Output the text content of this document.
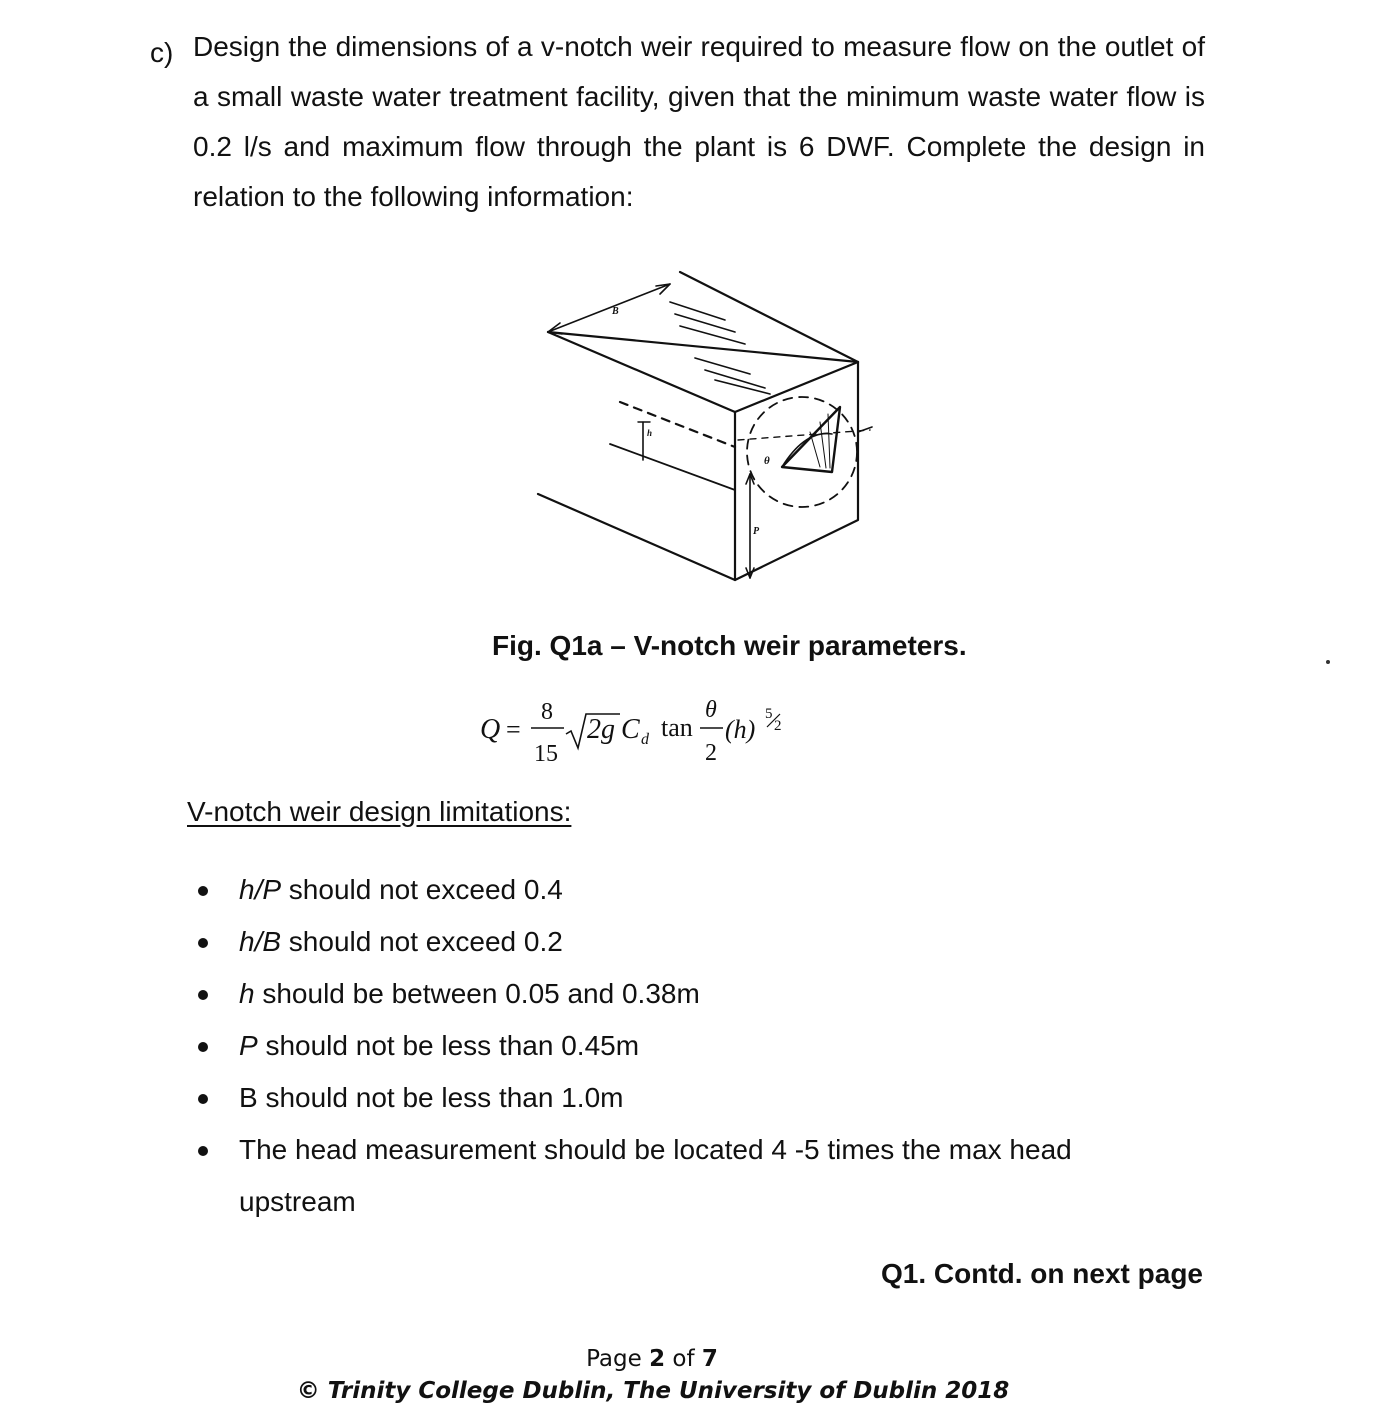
c) Design the dimensions of a v-notch weir required to measure flow on the outlet of a small waste water treatment facility, given that the minimum waste water flow is 0.2 l/s and maximum flow through the plant is 6 DWF. Complete the design in relation to the following information:
B
h
θ
P
Fig. Q1a – V-notch weir parameters.
Q =
8
15
2g C d tan
θ
2
(h)
5
2
V-notch weir design limitations:
h/P should not exceed 0.4
h/B should not exceed 0.2
h should be between 0.05 and 0.38m
P should not be less than 0.45m
B should not be less than 1.0m
The head measurement should be located 4 -5 times the max head upstream
Q1. Contd. on next page
Page 2 of 7
© Trinity College Dublin, The University of Dublin 2018
